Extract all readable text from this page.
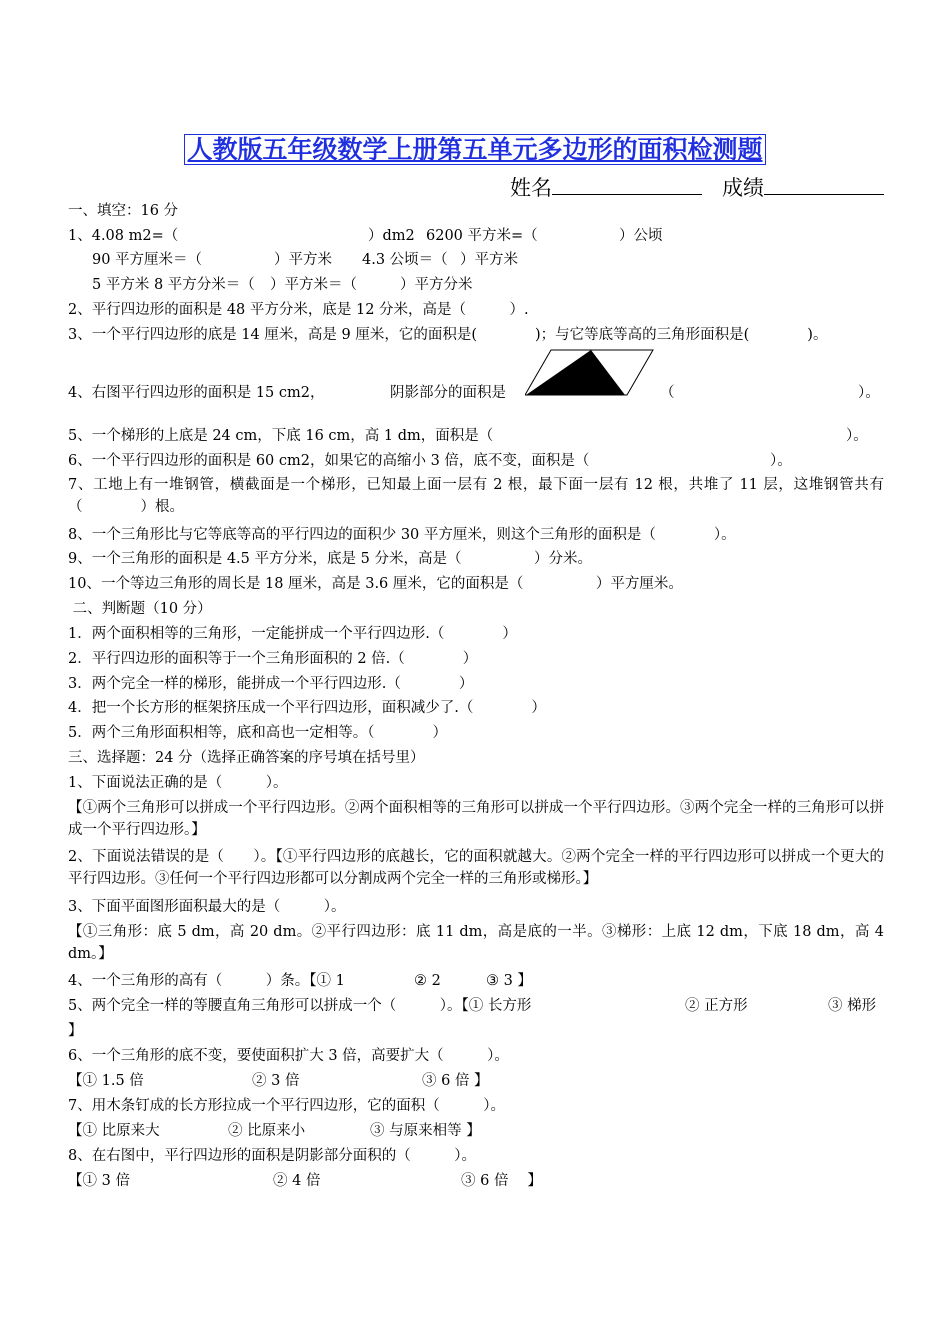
人教版五年级数学上册第五单元多边形的面积检测题
姓名	成绩
一、填空：16 分
1、4.08 m2=（	）dm2 6200 平方米=（	）公顷
90 平方厘米＝（	）平方米 4.3 公顷＝（ ）平方米
5 平方米 8 平方分米＝（ ）平方米＝（	）平方分米
2、平行四边形的面积是 48 平方分米，底是 12 分米，高是（　　　）.
3、一个平行四边形的底是 14 厘米，高是 9 厘米，它的面积是(　　　　)；与它等底等高的三角形面积是(　　　　)。
4、右图平行四边形的面积是 15 cm2，	阴影部分的面积是	（	）。
5、一个梯形的上底是 24 cm，下底 16 cm，高 1 dm，面积是（	）。
6、一个平行四边形的面积是 60 cm2，如果它的高缩小 3 倍，底不变，面积是（	）。
7、工地上有一堆钢管，横截面是一个梯形，已知最上面一层有 2 根，最下面一层有 12 根，共堆了 11 层，这堆钢管共有（　　　　）根。
8、一个三角形比与它等底等高的平行四边的面积少 30 平方厘米，则这个三角形的面积是（　　　　）。
9、一个三角形的面积是 4.5 平方分米，底是 5 分米，高是（　　　　　）分米。
10、一个等边三角形的周长是 18 厘米，高是 3.6 厘米，它的面积是（　　　　　）平方厘米。
二、判断题（10 分）
1．两个面积相等的三角形，一定能拼成一个平行四边形.（　　　　）
2．平行四边形的面积等于一个三角形面积的 2 倍.（　　　　）
3．两个完全一样的梯形，能拼成一个平行四边形.（　　　　）
4．把一个长方形的框架挤压成一个平行四边形，面积减少了.（　　　　）
5．两个三角形面积相等，底和高也一定相等。（　　　　）
三、选择题：24 分（选择正确答案的序号填在括号里）
1、下面说法正确的是（　　　）。
【①两个三角形可以拼成一个平行四边形。②两个面积相等的三角形可以拼成一个平行四边形。③两个完全一样的三角形可以拼成一个平行四边形。】
2、下面说法错误的是（　　）。【①平行四边形的底越长，它的面积就越大。②两个完全一样的平行四边形可以拼成一个更大的平行四边形。③任何一个平行四边形都可以分割成两个完全一样的三角形或梯形。】
3、下面平面图形面积最大的是（　　　）。
【①三角形：底 5 dm，高 20 dm。②平行四边形：底 11 dm，高是底的一半。③梯形：上底 12 dm，下底 18 dm，高 4 dm。】
4、一个三角形的高有（　　　）条。【① 1	② 2	③ 3 】
5、两个完全一样的等腰直角三角形可以拼成一个（　　　）。【① 长方形	② 正方形	③ 梯形
】
6、一个三角形的底不变，要使面积扩大 3 倍，高要扩大（　　　）。
【① 1.5 倍	② 3 倍	③ 6 倍 】
7、用木条钉成的长方形拉成一个平行四边形，它的面积（　　　）。
【① 比原来大	② 比原来小	③ 与原来相等 】
8、在右图中，平行四边形的面积是阴影部分面积的（　　　）。
【① 3 倍	② 4 倍	③ 6 倍　 】
